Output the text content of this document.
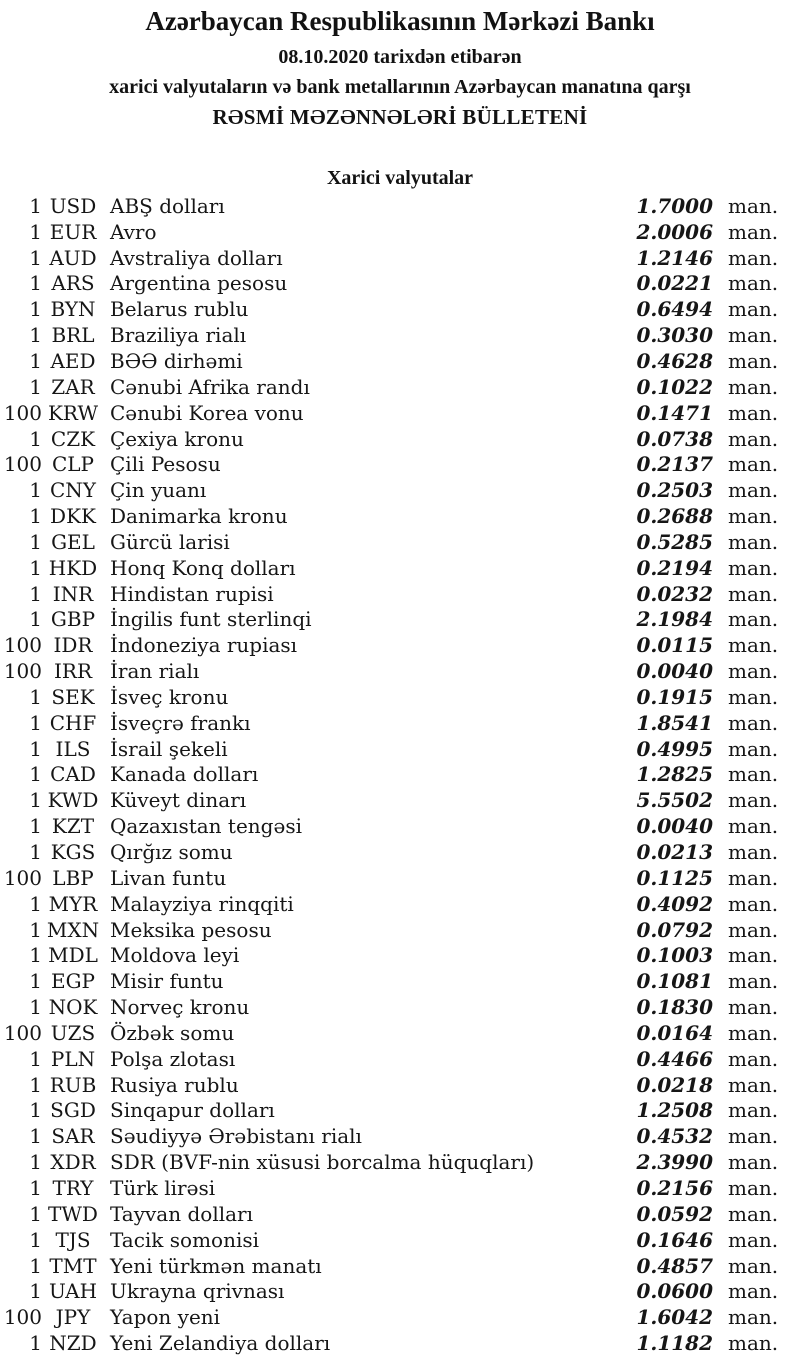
Azərbaycan Respublikasının Mərkəzi Bankı
08.10.2020 tarixdən etibarən
xarici valyutaların və bank metallarının Azərbaycan manatına qarşı
RƏSMİ MƏZƏNNƏLƏRİ BÜLLETENİ
Xarici valyutalar
1 USD ABŞ dolları	1.7000 man.
1 EUR Avro	2.0006 man.
1 AUD Avstraliya dolları	1.2146 man.
1 ARS Argentina pesosu	0.0221 man.
1 BYN Belarus rublu	0.6494 man.
1 BRL Braziliya rialı	0.3030 man.
1 AED BƏƏ dirhəmi	0.4628 man.
1 ZAR Cənubi Afrika randı	0.1022 man.
100 KRW Cənubi Korea vonu	0.1471 man.
1 CZK Çexiya kronu	0.0738 man.
100 CLP Çili Pesosu	0.2137 man.
1 CNY Çin yuanı	0.2503 man.
1 DKK Danimarka kronu	0.2688 man.
1 GEL Gürcü larisi	0.5285 man.
1 HKD Honq Konq dolları	0.2194 man.
1 INR Hindistan rupisi	0.0232 man.
1 GBP İngilis funt sterlinqi	2.1984 man.
100 IDR İndoneziya rupiası	0.0115 man.
100 IRR İran rialı	0.0040 man.
1 SEK İsveç kronu	0.1915 man.
1 CHF İsveçrə frankı	1.8541 man.
1 ILS İsrail şekeli	0.4995 man.
1 CAD Kanada dolları	1.2825 man.
1 KWD Küveyt dinarı	5.5502 man.
1 KZT Qazaxıstan tengəsi	0.0040 man.
1 KGS Qırğız somu	0.0213 man.
100 LBP Livan funtu	0.1125 man.
1 MYR Malayziya rinqqiti	0.4092 man.
1 MXN Meksika pesosu	0.0792 man.
1 MDL Moldova leyi	0.1003 man.
1 EGP Misir funtu	0.1081 man.
1 NOK Norveç kronu	0.1830 man.
100 UZS Özbək somu	0.0164 man.
1 PLN Polşa zlotası	0.4466 man.
1 RUB Rusiya rublu	0.0218 man.
1 SGD Sinqapur dolları	1.2508 man.
1 SAR Səudiyyə Ərəbistanı rialı	0.4532 man.
1 XDR SDR (BVF-nin xüsusi borcalma hüquqları)	2.3990 man.
1 TRY Türk lirəsi	0.2156 man.
1 TWD Tayvan dolları	0.0592 man.
1 TJS Tacik somonisi	0.1646 man.
1 TMT Yeni türkmən manatı	0.4857 man.
1 UAH Ukrayna qrivnası	0.0600 man.
100 JPY Yapon yeni	1.6042 man.
1 NZD Yeni Zelandiya dolları	1.1182 man.
